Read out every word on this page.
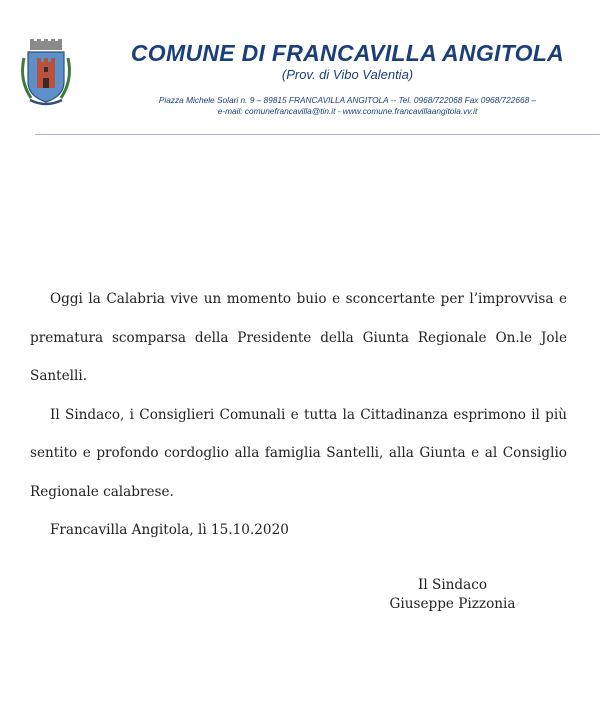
COMUNE DI FRANCAVILLA ANGITOLA
(Prov. di Vibo Valentia)
Piazza Michele Solari n. 9 – 89815 FRANCAVILLA ANGITOLA -- Tel. 0968/722068 Fax 0968/722668 –
e-mail: comunefrancavilla@tin.it - www.comune.francavillaangitola.vv.it

Oggi la Calabria vive un momento buio e sconcertante per l’improvvisa e prematura scomparsa della Presidente della Giunta Regionale On.le Jole Santelli.

Il Sindaco, i Consiglieri Comunali e tutta la Cittadinanza esprimono il più sentito e profondo cordoglio alla famiglia Santelli, alla Giunta e al Consiglio Regionale calabrese.

Francavilla Angitola, lì 15.10.2020

Il Sindaco
Giuseppe Pizzonia
